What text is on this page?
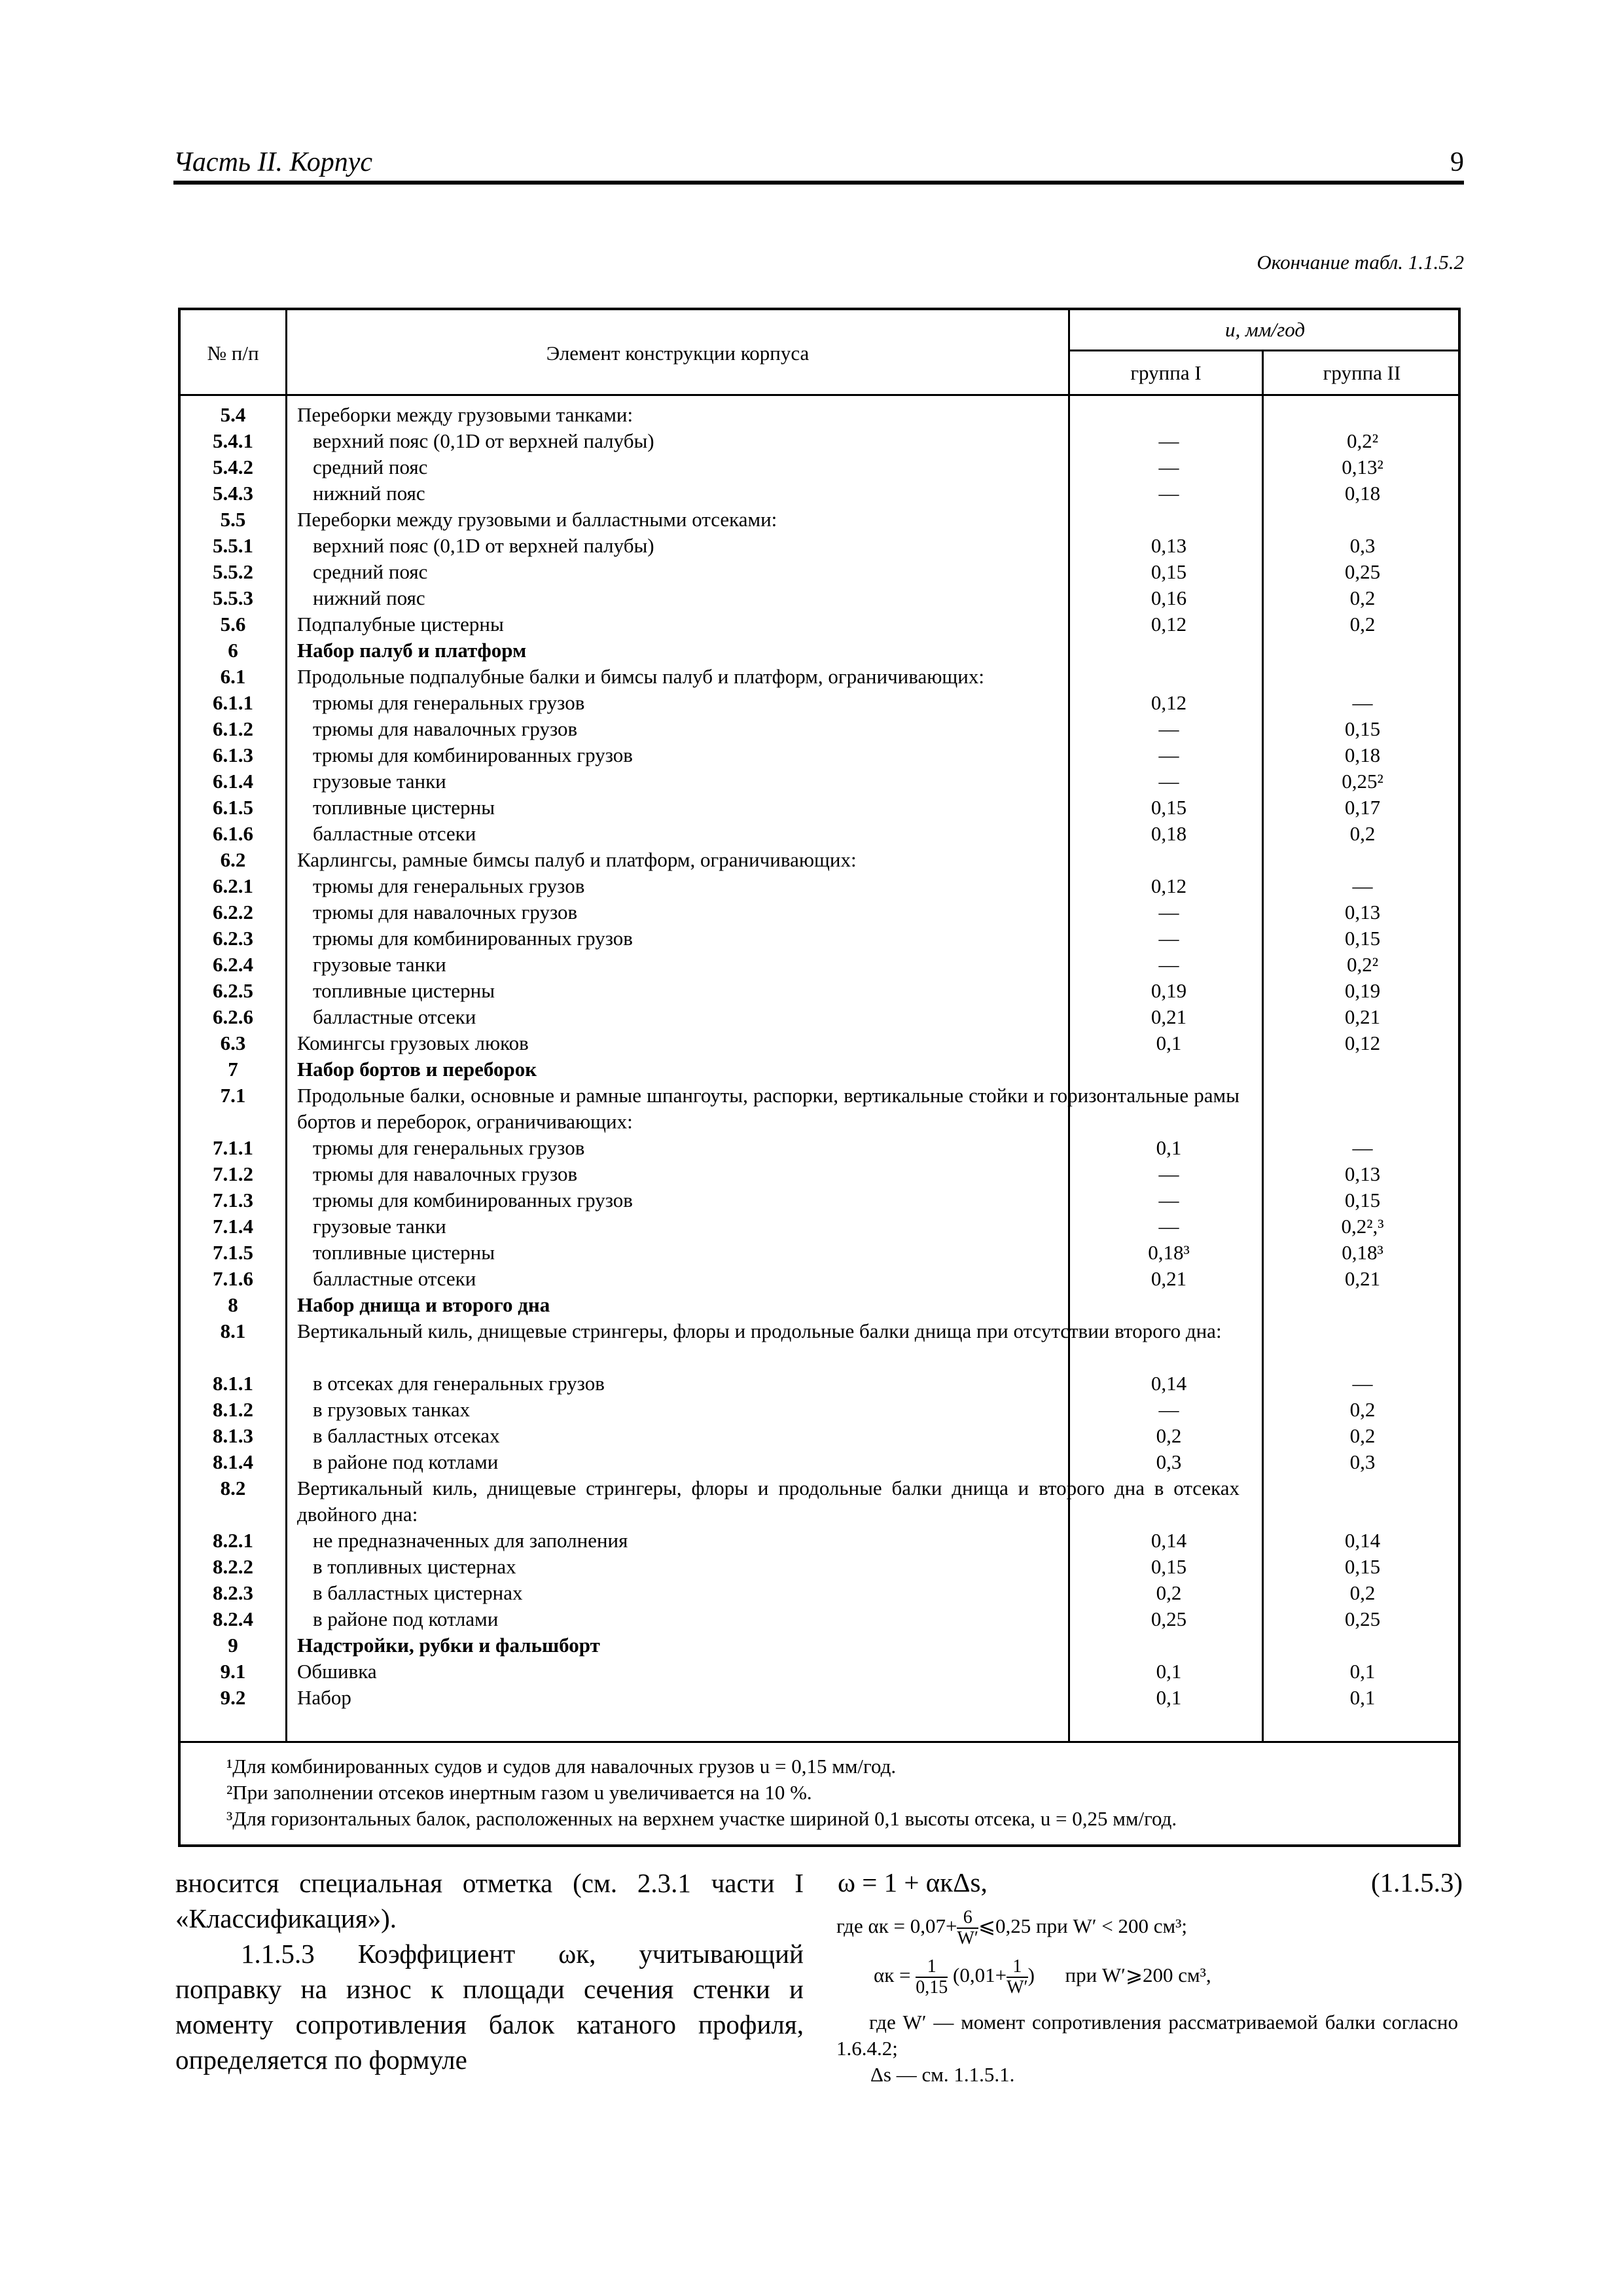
Часть II. Корпус	9
Окончание табл. 1.1.5.2
№ п/п	Элемент конструкции корпуса
u, мм/год
группа I	группа II
5.4	Переборки между грузовыми танками:
5.4.1	верхний пояс (0,1D от верхней палубы)	—	0,2²
5.4.2	средний пояс	—	0,13²
5.4.3	нижний пояс	—	0,18
5.5	Переборки между грузовыми и балластными отсеками:
5.5.1	верхний пояс (0,1D от верхней палубы)	0,13	0,3
5.5.2	средний пояс	0,15	0,25
5.5.3	нижний пояс	0,16	0,2
5.6	Подпалубные цистерны	0,12	0,2
6	Набор палуб и платформ
6.1	Продольные подпалубные балки и бимсы палуб и платформ, ограничивающих:
6.1.1	трюмы для генеральных грузов	0,12	—
6.1.2	трюмы для навалочных грузов	—	0,15
6.1.3	трюмы для комбинированных грузов	—	0,18
6.1.4	грузовые танки	—	0,25²
6.1.5	топливные цистерны	0,15	0,17
6.1.6	балластные отсеки	0,18	0,2
6.2	Карлингсы, рамные бимсы палуб и платформ, ограничивающих:
6.2.1	трюмы для генеральных грузов	0,12	—
6.2.2	трюмы для навалочных грузов	—	0,13
6.2.3	трюмы для комбинированных грузов	—	0,15
6.2.4	грузовые танки	—	0,2²
6.2.5	топливные цистерны	0,19	0,19
6.2.6	балластные отсеки	0,21	0,21
6.3	Комингсы грузовых люков	0,1	0,12
7	Набор бортов и переборок
7.1	Продольные балки, основные и рамные шпангоуты, распорки, вертикальные стойки и горизонтальные рамы бортов и переборок, ограничивающих:
7.1.1	трюмы для генеральных грузов	0,1	—
7.1.2	трюмы для навалочных грузов	—	0,13
7.1.3	трюмы для комбинированных грузов	—	0,15
7.1.4	грузовые танки	—	0,2²,³
7.1.5	топливные цистерны	0,18³	0,18³
7.1.6	балластные отсеки	0,21	0,21
8	Набор днища и второго дна
8.1	Вертикальный киль, днищевые стрингеры, флоры и продольные балки днища при отсутствии второго дна:
8.1.1	в отсеках для генеральных грузов	0,14	—
8.1.2	в грузовых танках	—	0,2
8.1.3	в балластных отсеках	0,2	0,2
8.1.4	в районе под котлами	0,3	0,3
8.2	Вертикальный киль, днищевые стрингеры, флоры и продольные балки днища и второго дна в отсеках двойного дна:
8.2.1	не предназначенных для заполнения	0,14	0,14
8.2.2	в топливных цистернах	0,15	0,15
8.2.3	в балластных цистернах	0,2	0,2
8.2.4	в районе под котлами	0,25	0,25
9	Надстройки, рубки и фальшборт
9.1	Обшивка	0,1	0,1
9.2	Набор	0,1	0,1
¹Для комбинированных судов и судов для навалочных грузов u = 0,15 мм/год.
²При заполнении отсеков инертным газом u увеличивается на 10 %.
³Для горизонтальных балок, расположенных на верхнем участке шириной 0,1 высоты отсека, u = 0,25 мм/год.

вносится специальная отметка (см. 2.3.1 части I «Классификация»).

1.1.5.3 Коэффициент ωк, учитывающий поправку на износ к площади сечения стенки и моменту сопротивления балок катаного профиля, определяется по формуле

ω = 1 + αкΔs,	(1.1.5.3)
где $\alpha к = 0,07+ \frac{6}{W'}$ ⩽0,25 при W′ < 200 см³;
$\alpha к = \frac{1}{0,15} (0,01+ \frac{1}{W'}$ )      при W′⩾200 см³,
где W′ — момент сопротивления рассматриваемой балки согласно 1.6.4.2;
Δs — см. 1.1.5.1.
